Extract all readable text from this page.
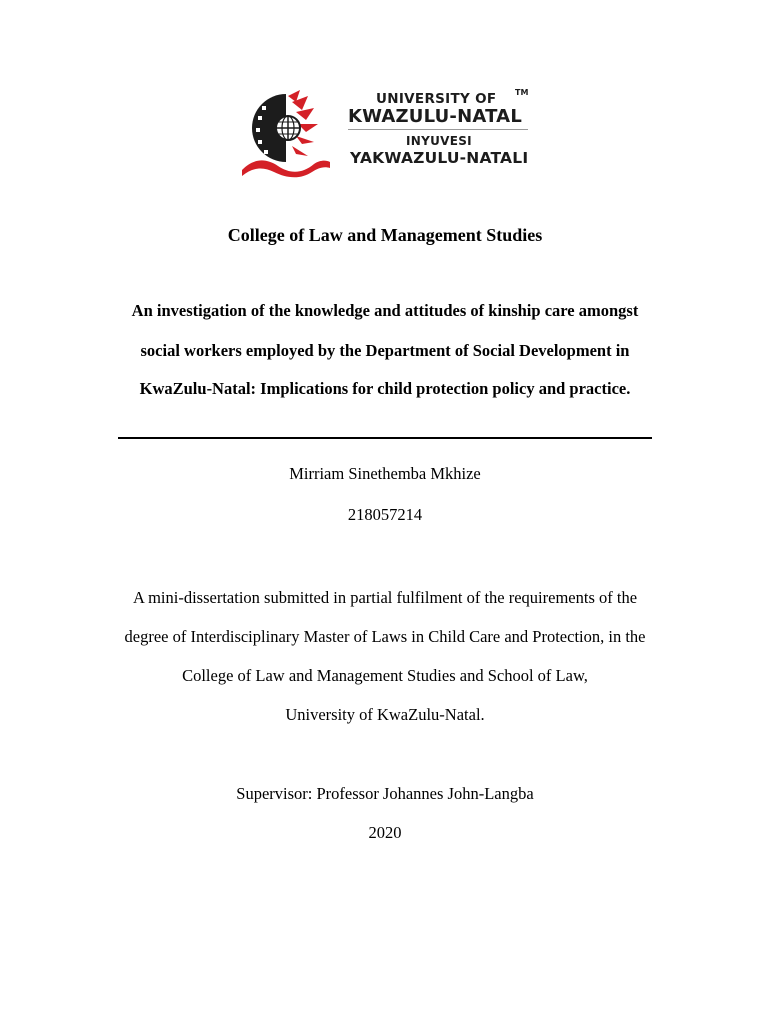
UNIVERSITY OF TM
KWAZULU-NATAL
INYUVESI
YAKWAZULU-NATALI
College of Law and Management Studies
An investigation of the knowledge and attitudes of kinship care amongst
social workers employed by the Department of Social Development in
KwaZulu-Natal: Implications for child protection policy and practice.
Mirriam Sinethemba Mkhize
218057214
A mini-dissertation submitted in partial fulfilment of the requirements of the
degree of Interdisciplinary Master of Laws in Child Care and Protection, in the
College of Law and Management Studies and School of Law,
University of KwaZulu-Natal.
Supervisor: Professor Johannes John-Langba
2020
